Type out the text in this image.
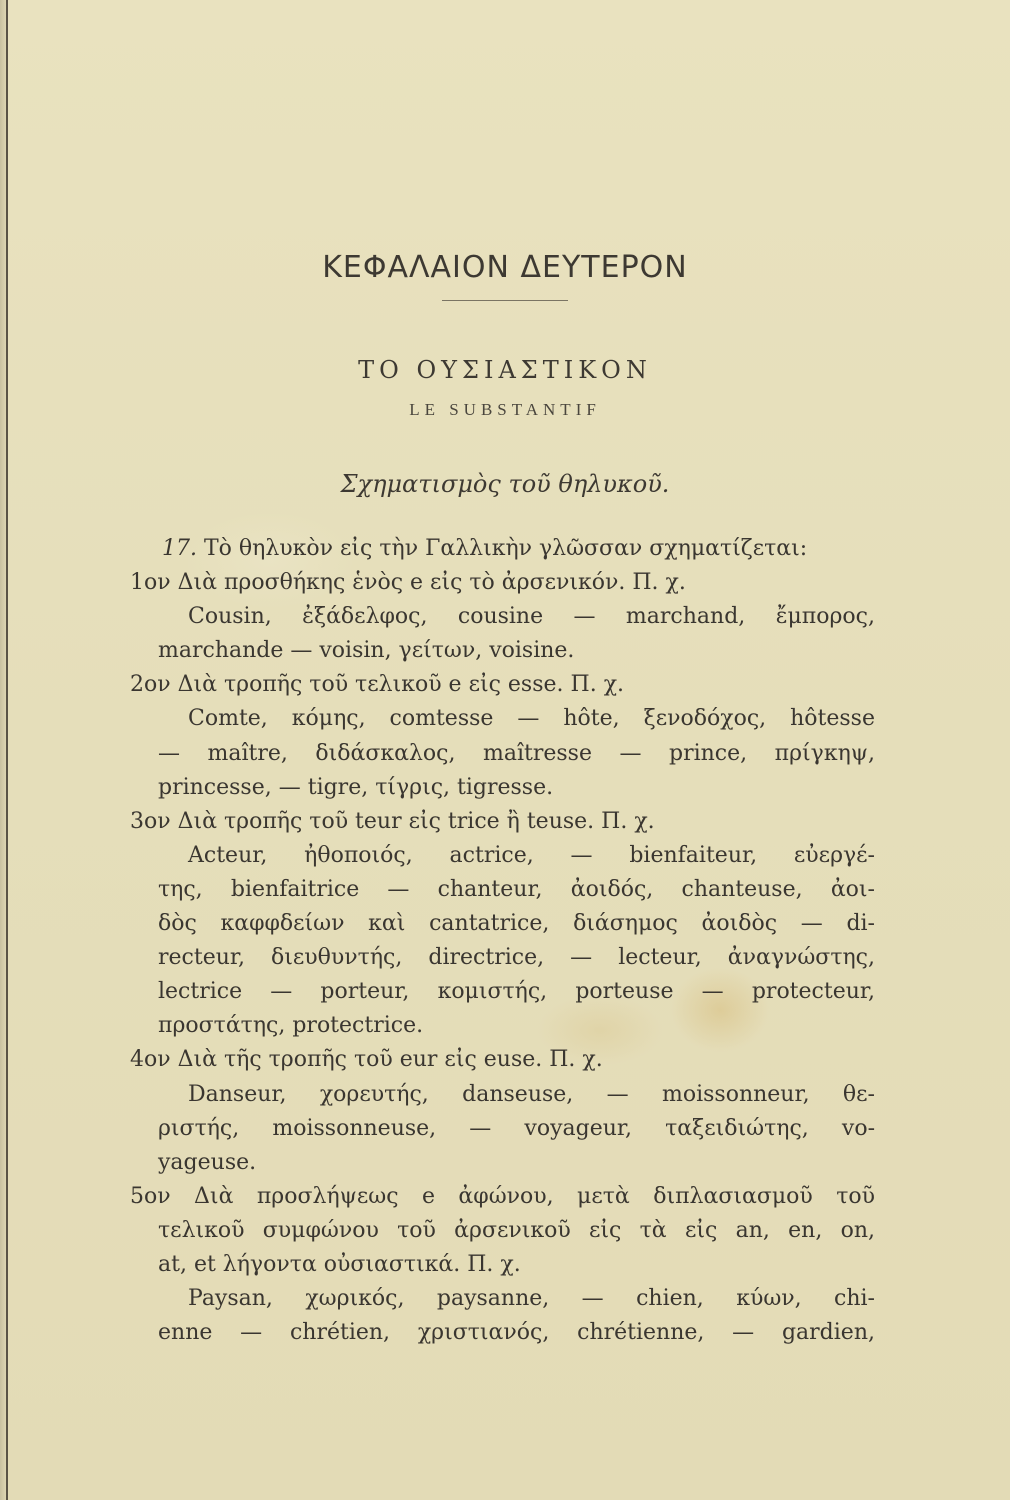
ΚΕΦΑΛΑΙΟΝ ΔΕΥΤΕΡΟΝ
ΤΟ ΟΥΣΙΑΣΤΙΚΟΝ
LE SUBSTANTIF
Σχηματισμὸς τοῦ θηλυκοῦ.
17. Τὸ θηλυκὸν εἰς τὴν Γαλλικὴν γλῶσσαν σχηματίζεται:
1ον Διὰ προσθήκης ἑνὸς e εἰς τὸ ἀρσενικόν. Π. χ.
Cousin, ἐξάδελφος, cousine — marchand, ἔμπορος,
marchande — voisin, γείτων, voisine.
2ον Διὰ τροπῆς τοῦ τελικοῦ e εἰς esse. Π. χ.
Comte, κόμης, comtesse — hôte, ξενοδόχος, hôtesse
— maître, διδάσκαλος, maîtresse — prince, πρίγκηψ,
princesse, — tigre, τίγρις, tigresse.
3ον Διὰ τροπῆς τοῦ teur εἰς trice ἢ teuse. Π. χ.
Acteur, ἠθοποιός, actrice, — bienfaiteur, εὐεργέ-
της, bienfaitrice — chanteur, ἀοιδός, chanteuse, ἀοι-
δὸς καφφδείων καὶ cantatrice, διάσημος ἀοιδὸς — di-
recteur, διευθυντής, directrice, — lecteur, ἀναγνώστης,
lectrice — porteur, κομιστής, porteuse — protecteur,
προστάτης, protectrice.
4ον Διὰ τῆς τροπῆς τοῦ eur εἰς euse. Π. χ.
Danseur, χορευτής, danseuse, — moissonneur, θε-
ριστής, moissonneuse, — voyageur, ταξειδιώτης, vo-
yageuse.
5ον Διὰ προσλήψεως e ἀφώνου, μετὰ διπλασιασμοῦ τοῦ
τελικοῦ συμφώνου τοῦ ἀρσενικοῦ εἰς τὰ εἰς an, en, on,
at, et λήγοντα οὐσιαστικά. Π. χ.
Paysan, χωρικός, paysanne, — chien, κύων, chi-
enne — chrétien, χριστιανός, chrétienne, — gardien,
